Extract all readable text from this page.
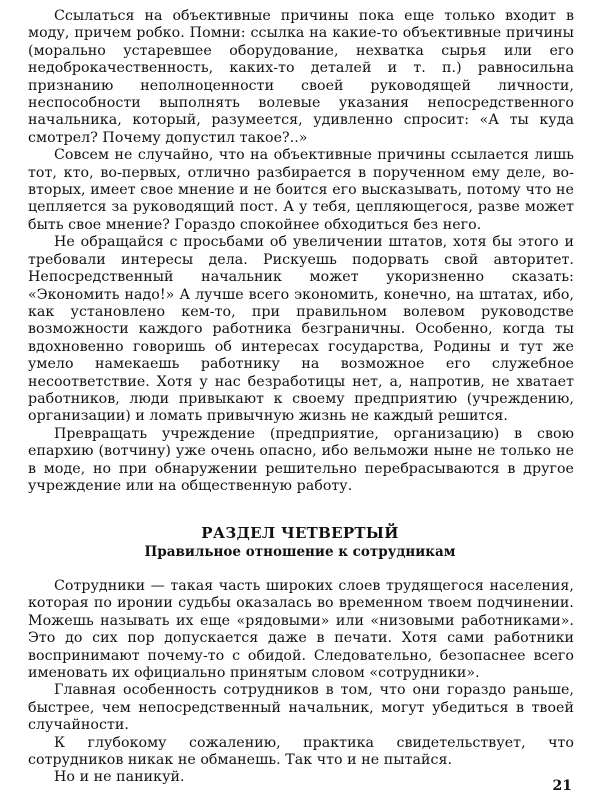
Ссылаться на объективные причины пока еще только входит в моду, причем робко. Помни: ссылка на какие-то объективные причины (морально устаревшее оборудование, нехватка сырья или его недоброкачественность, каких-то деталей и т. п.) равносильна признанию неполноценности своей руководящей личности, неспособности выполнять волевые указания непосредственного начальника, который, разумеется, удивленно спросит: «А ты куда смотрел? Почему допустил такое?..»

Совсем не случайно, что на объективные причины ссылается лишь тот, кто, во-первых, отлично разбирается в порученном ему деле, во-вторых, имеет свое мнение и не боится его высказывать, потому что не цепляется за руководящий пост. А у тебя, цепляющегося, разве может быть свое мнение? Гораздо спокойнее обходиться без него.

Не обращайся с просьбами об увеличении штатов, хотя бы этого и требовали интересы дела. Рискуешь подорвать свой авторитет. Непосредственный начальник может укоризненно сказать: «Экономить надо!» А лучше всего экономить, конечно, на штатах, ибо, как установлено кем-то, при правильном волевом руководстве возможности каждого работника безграничны. Особенно, когда ты вдохновенно говоришь об интересах государства, Родины и тут же умело намекаешь работнику на возможное его служебное несоответствие. Хотя у нас безработицы нет, а, напротив, не хватает работников, люди привыкают к своему предприятию (учреждению, организации) и ломать привычную жизнь не каждый решится.

Превращать учреждение (предприятие, организацию) в свою епархию (вотчину) уже очень опасно, ибо вельможи ныне не только не в моде, но при обнаружении решительно перебрасываются в другое учреждение или на общественную работу.

РАЗДЕЛ ЧЕТВЕРТЫЙ
Правильное отношение к сотрудникам

Сотрудники — такая часть широких слоев трудящегося населения, которая по иронии судьбы оказалась во временном твоем подчинении. Можешь называть их еще «рядовыми» или «низовыми работниками». Это до сих пор допускается даже в печати. Хотя сами работники воспринимают почему-то с обидой. Следовательно, безопаснее всего именовать их официально принятым словом «сотрудники».

Главная особенность сотрудников в том, что они гораздо раньше, быстрее, чем непосредственный начальник, могут убедиться в твоей случайности.

К глубокому сожалению, практика свидетельствует, что сотрудников никак не обманешь. Так что и не пытайся.

Но и не паникуй.

21
